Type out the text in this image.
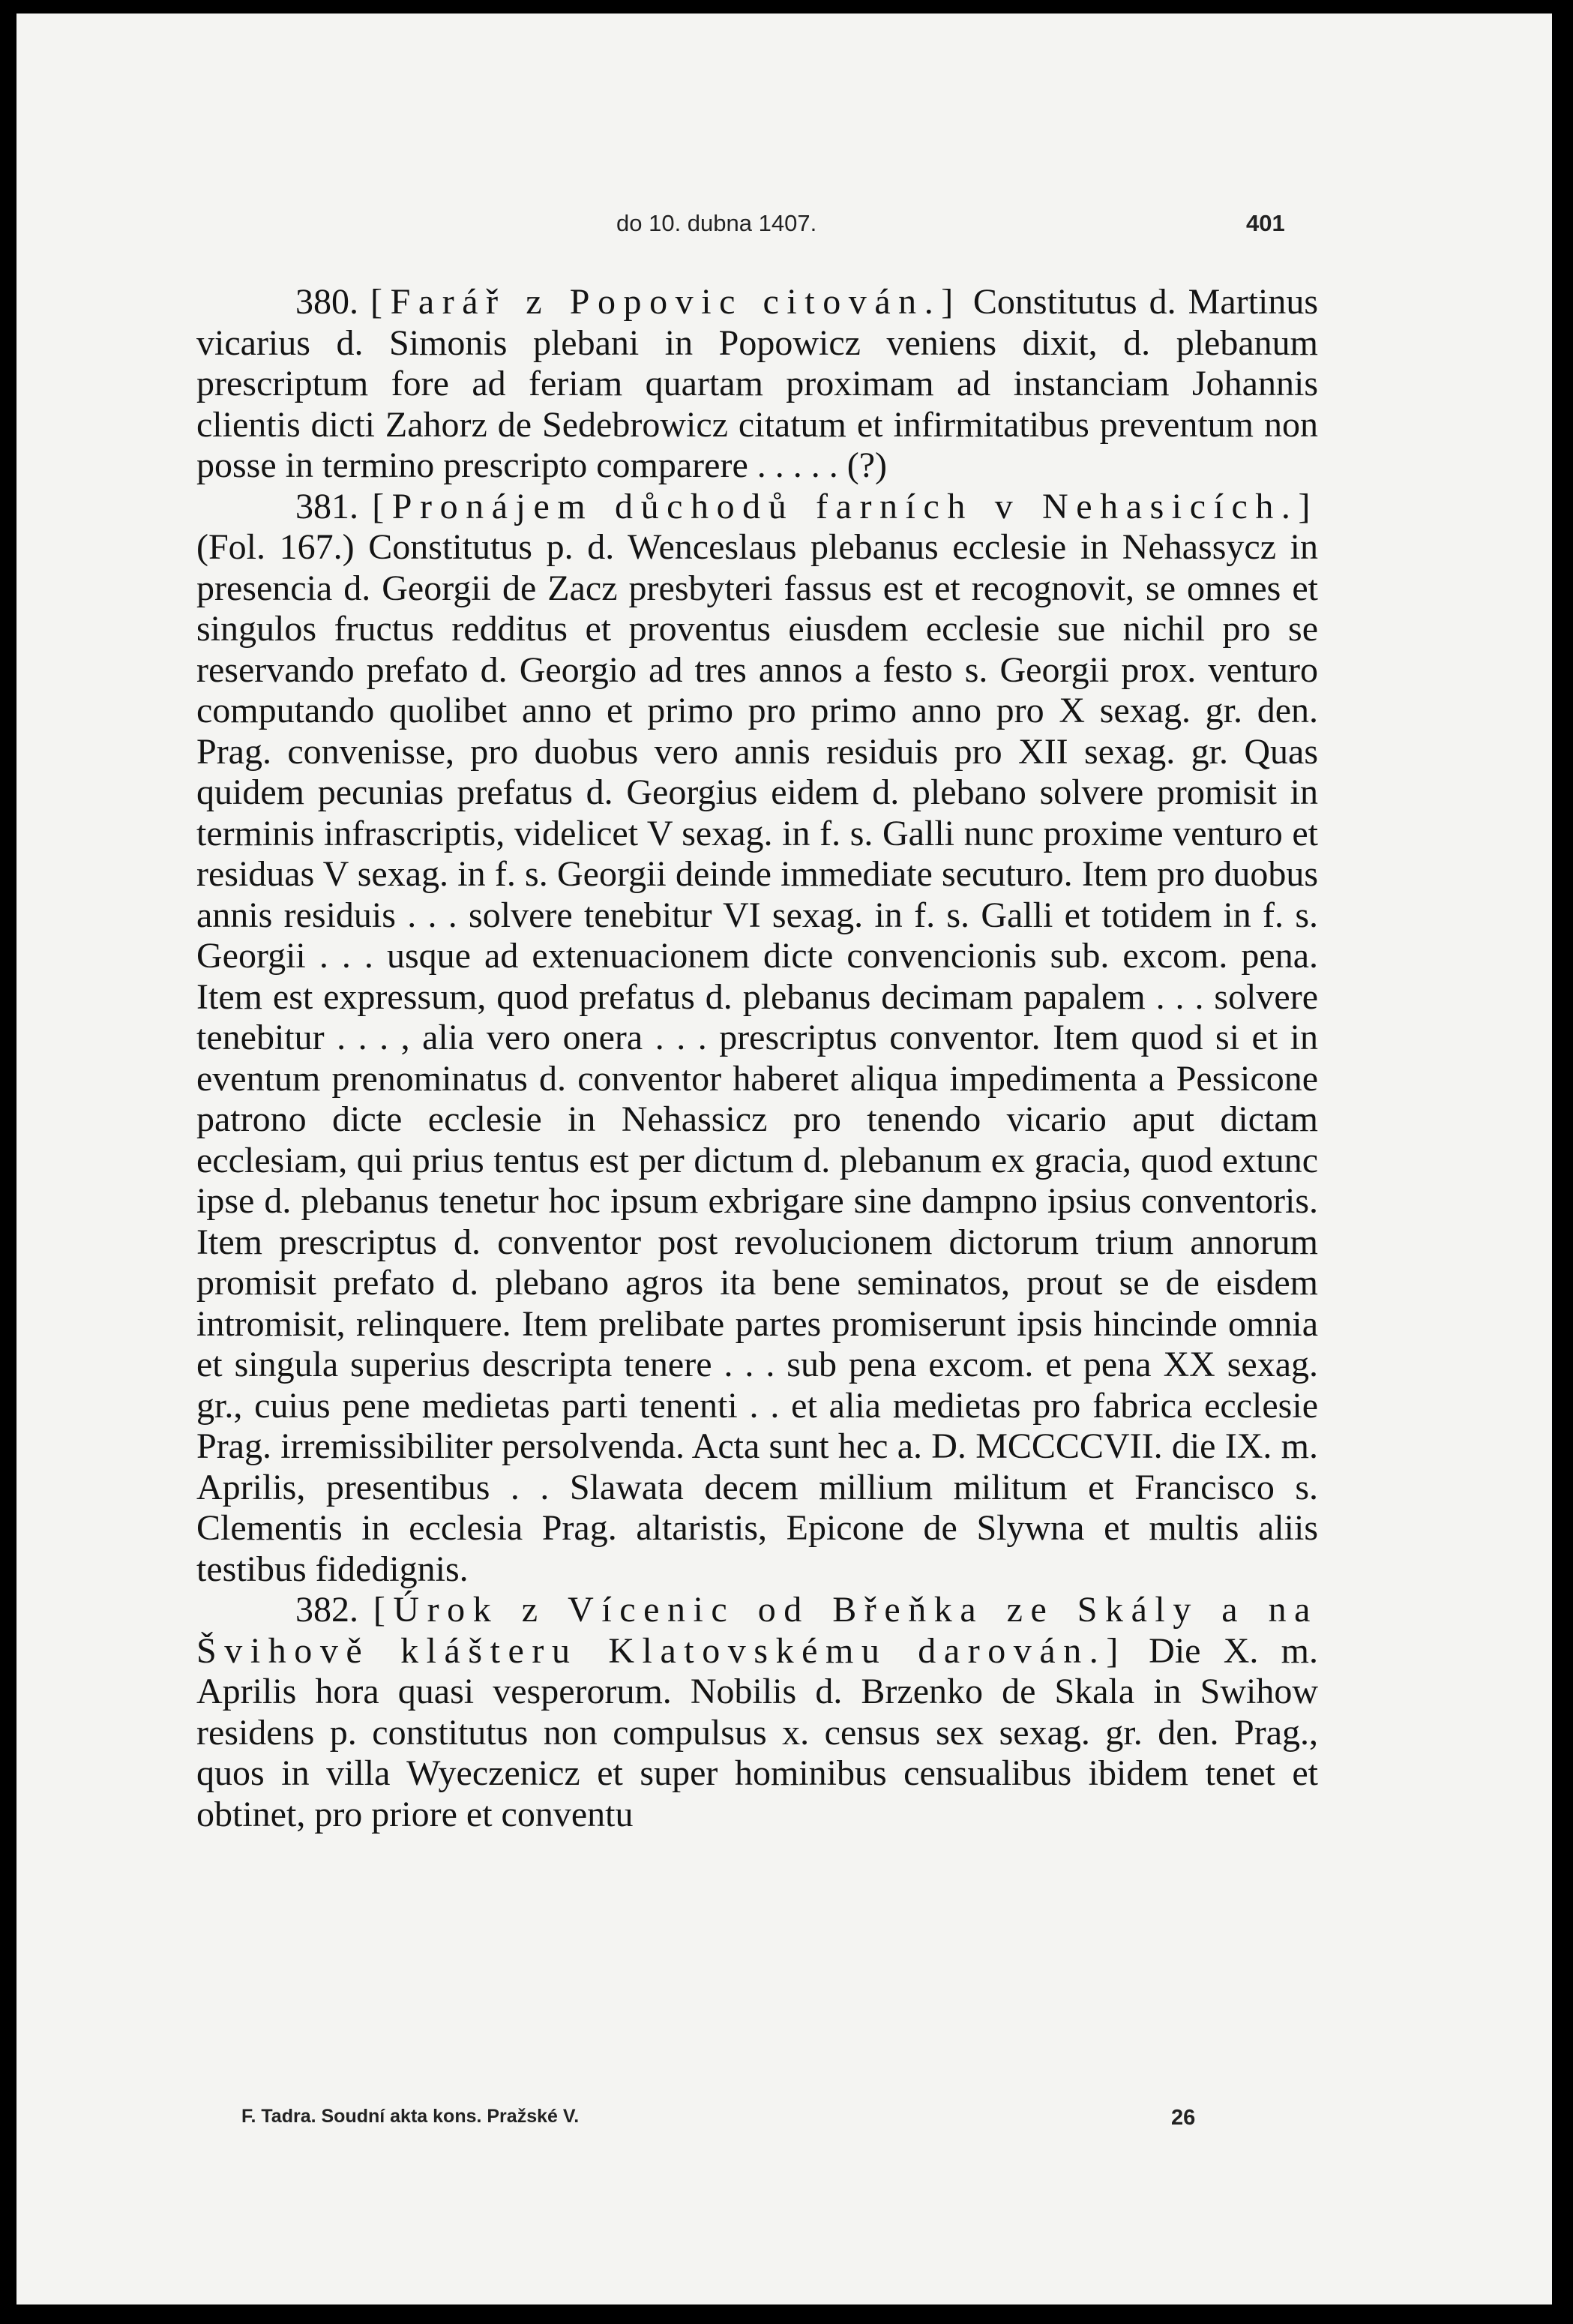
do 10. dubna 1407.	401

380. [Farář z Popovic citován.] Constitutus d. Martinus vicarius d. Simonis plebani in Popowicz veniens dixit, d. plebanum prescriptum fore ad feriam quartam proximam ad instanciam Johannis clientis dicti Zahorz de Sedebrowicz citatum et infirmitatibus preventum non posse in termino prescripto comparere . . . . . (?)

381. [Pronájem důchodů farních v Nehasicích.] (Fol. 167.) Constitutus p. d. Wenceslaus plebanus ecclesie in Nehassycz in presencia d. Georgii de Zacz presbyteri fassus est et recognovit, se omnes et singulos fructus redditus et proventus eiusdem ecclesie sue nichil pro se reservando prefato d. Georgio ad tres annos a festo s. Georgii prox. venturo computando quolibet anno et primo pro primo anno pro X sexag. gr. den. Prag. convenisse, pro duobus vero annis residuis pro XII sexag. gr. Quas quidem pecunias prefatus d. Georgius eidem d. plebano solvere promisit in terminis infrascriptis, videlicet V sexag. in f. s. Galli nunc proxime venturo et residuas V sexag. in f. s. Georgii deinde immediate secuturo. Item pro duobus annis residuis . . . solvere tenebitur VI sexag. in f. s. Galli et totidem in f. s. Georgii . . . usque ad extenuacionem dicte convencionis sub. excom. pena. Item est expressum, quod prefatus d. plebanus decimam papalem . . . solvere tenebitur . . . , alia vero onera . . . prescriptus conventor. Item quod si et in eventum prenominatus d. conventor haberet aliqua impedimenta a Pessicone patrono dicte ecclesie in Nehassicz pro tenendo vicario aput dictam ecclesiam, qui prius tentus est per dictum d. plebanum ex gracia, quod extunc ipse d. plebanus tenetur hoc ipsum exbrigare sine dampno ipsius conventoris. Item prescriptus d. conventor post revolucionem dictorum trium annorum promisit prefato d. plebano agros ita bene seminatos, prout se de eisdem intromisit, relinquere. Item prelibate partes promiserunt ipsis hincinde omnia et singula superius descripta tenere . . . sub pena excom. et pena XX sexag. gr., cuius pene medietas parti tenenti . . et alia medietas pro fabrica ecclesie Prag. irremissibiliter persolvenda. Acta sunt hec a. D. MCCCCVII. die IX. m. Aprilis, presentibus . . Slawata decem millium militum et Francisco s. Clementis in ecclesia Prag. altaristis, Epicone de Slywna et multis aliis testibus fidedignis.

382. [Úrok z Vícenic od Břeňka ze Skály a na Švihově klášteru Klatovskému darován.] Die X. m. Aprilis hora quasi vesperorum. Nobilis d. Brzenko de Skala in Swihow residens p. constitutus non compulsus x. census sex sexag. gr. den. Prag., quos in villa Wyeczenicz et super hominibus censualibus ibidem tenet et obtinet, pro priore et conventu

F. Tadra. Soudní akta kons. Pražské V.	26
